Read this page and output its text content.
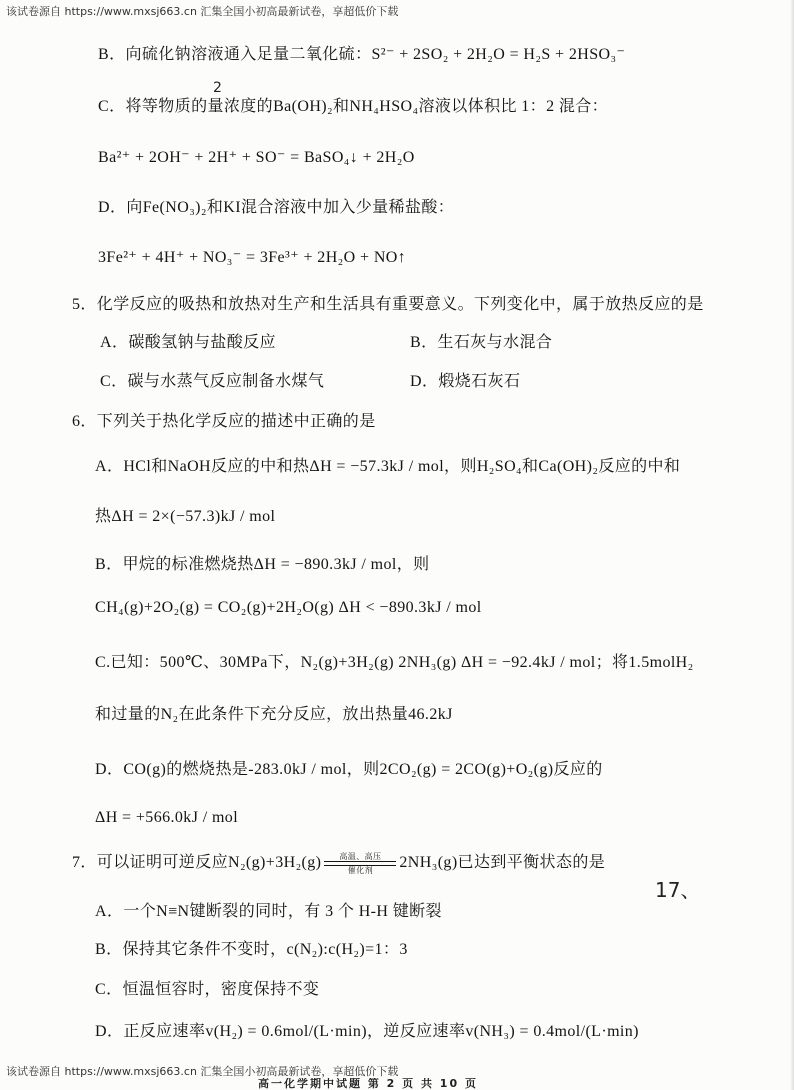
该试卷源自 https://www.mxsj663.cn 汇集全国小初高最新试卷，享超低价下载
B．向硫化钠溶液通入足量二氧化硫：S²⁻ + 2SO₂ + 2H₂O = H₂S + 2HSO₃⁻
2
C．将等物质的量浓度的Ba(OH)₂和NH₄HSO₄溶液以体积比 1：2 混合：
Ba²⁺ + 2OH⁻ + 2H⁺ + SO⁻ = BaSO₄↓ + 2H₂O
D．向Fe(NO₃)₂和KI混合溶液中加入少量稀盐酸：
3Fe²⁺ + 4H⁺ + NO₃⁻ = 3Fe³⁺ + 2H₂O + NO↑
5．化学反应的吸热和放热对生产和生活具有重要意义。下列变化中，属于放热反应的是
A．碳酸氢钠与盐酸反应	B．生石灰与水混合
C．碳与水蒸气反应制备水煤气	D．煅烧石灰石
6．下列关于热化学反应的描述中正确的是
A．HCl和NaOH反应的中和热ΔH = −57.3kJ / mol，则H₂SO₄和Ca(OH)₂反应的中和
热ΔH = 2×(−57.3)kJ / mol
B．甲烷的标准燃烧热ΔH = −890.3kJ / mol，则
CH₄(g)+2O₂(g) = CO₂(g)+2H₂O(g) ΔH < −890.3kJ / mol
C.已知：500℃、30MPa下，N₂(g)+3H₂(g) 2NH₃(g) ΔH = −92.4kJ / mol；将1.5molH₂
和过量的N₂在此条件下充分反应，放出热量46.2kJ
D．CO(g)的燃烧热是-283.0kJ / mol，则2CO₂(g) = 2CO(g)+O₂(g)反应的
ΔH = +566.0kJ / mol
7．可以证明可逆反应N₂(g)+3H₂(g)	高温、高压
催化剂	2NH₃(g)已达到平衡状态的是
17、
A．一个N≡N键断裂的同时，有 3 个 H-H 键断裂
B．保持其它条件不变时，c(N₂):c(H₂)=1：3
C．恒温恒容时，密度保持不变
D．正反应速率v(H₂) = 0.6mol/(L·min)，逆反应速率v(NH₃) = 0.4mol/(L·min)
该试卷源自 https://www.mxsj663.cn 汇集全国小初高最新试卷，享超低价下载
高一化学期中试题 第 2 页 共 10 页
